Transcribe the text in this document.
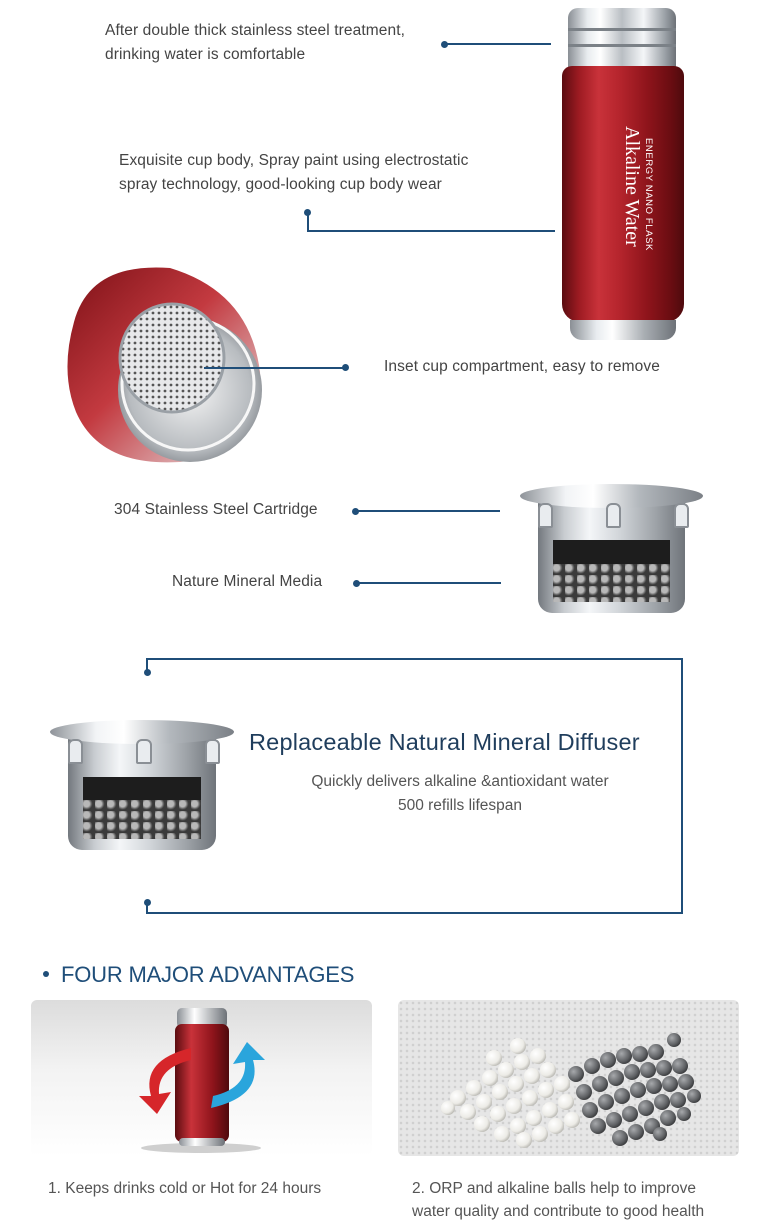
After double thick stainless steel treatment,
drinking water is comfortable
Exquisite cup body, Spray paint using electrostatic
spray technology, good-looking cup body wear	ENERGY NANO FLASK
Alkaline Water
Inset cup compartment, easy to remove
304 Stainless Steel Cartridge
Nature Mineral Media
Replaceable Natural Mineral Diffuser
Quickly delivers alkaline &antioxidant water
500 refills lifespan
FOUR MAJOR ADVANTAGES
1. Keeps drinks cold or Hot for 24 hours	2. ORP and alkaline balls help to improve
water quality and contribute to good health
